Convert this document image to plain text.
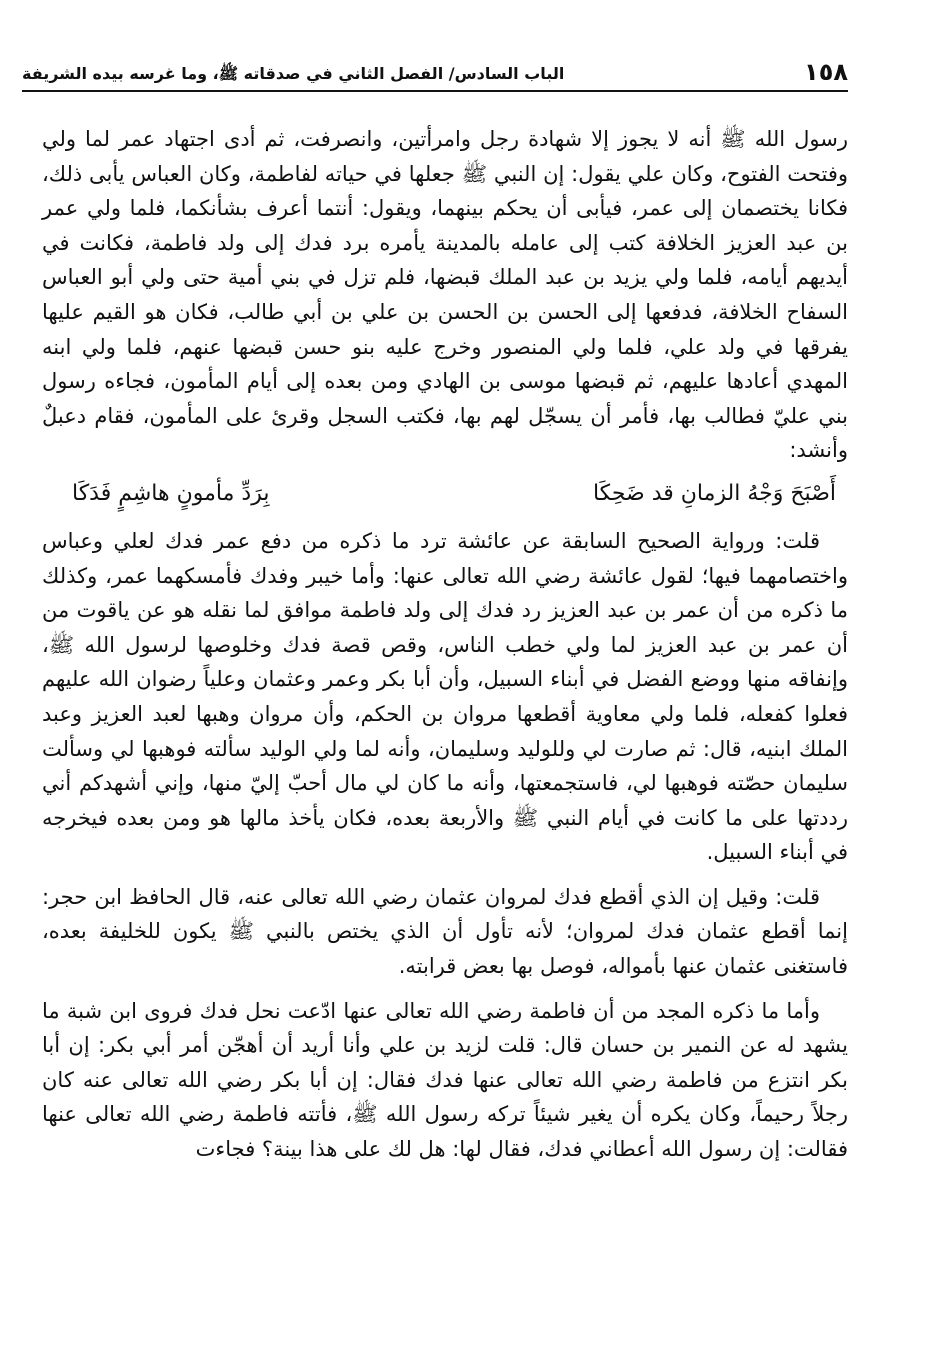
١٥٨
الباب السادس/ الفصل الثاني في صدقاته ﷺ، وما غرسه بيده الشريفة

رسول الله ﷺ أنه لا يجوز إلا شهادة رجل وامرأتين، وانصرفت، ثم أدى اجتهاد عمر لما ولي وفتحت الفتوح، وكان علي يقول: إن النبي ﷺ جعلها في حياته لفاطمة، وكان العباس يأبى ذلك، فكانا يختصمان إلى عمر، فيأبى أن يحكم بينهما، ويقول: أنتما أعرف بشأنكما، فلما ولي عمر بن عبد العزيز الخلافة كتب إلى عامله بالمدينة يأمره برد فدك إلى ولد فاطمة، فكانت في أيديهم أيامه، فلما ولي يزيد بن عبد الملك قبضها، فلم تزل في بني أمية حتى ولي أبو العباس السفاح الخلافة، فدفعها إلى الحسن بن الحسن بن علي بن أبي طالب، فكان هو القيم عليها يفرقها في ولد علي، فلما ولي المنصور وخرج عليه بنو حسن قبضها عنهم، فلما ولي ابنه المهدي أعادها عليهم، ثم قبضها موسى بن الهادي ومن بعده إلى أيام المأمون، فجاءه رسول بني عليّ فطالب بها، فأمر أن يسجّل لهم بها، فكتب السجل وقرئ على المأمون، فقام دعبلٌ وأنشد:

أَصْبَحَ وَجْهُ الزمانِ قد ضَحِكَا
بِرَدِّ مأمونٍ هاشِمٍ فَدَكَا

قلت: ورواية الصحيح السابقة عن عائشة ترد ما ذكره من دفع عمر فدك لعلي وعباس واختصامهما فيها؛ لقول عائشة رضي الله تعالى عنها: وأما خيبر وفدك فأمسكهما عمر، وكذلك ما ذكره من أن عمر بن عبد العزيز رد فدك إلى ولد فاطمة موافق لما نقله هو عن ياقوت من أن عمر بن عبد العزيز لما ولي خطب الناس، وقص قصة فدك وخلوصها لرسول الله ﷺ، وإنفاقه منها ووضع الفضل في أبناء السبيل، وأن أبا بكر وعمر وعثمان وعلياً رضوان الله عليهم فعلوا كفعله، فلما ولي معاوية أقطعها مروان بن الحكم، وأن مروان وهبها لعبد العزيز وعبد الملك ابنيه، قال: ثم صارت لي وللوليد وسليمان، وأنه لما ولي الوليد سألته فوهبها لي وسألت سليمان حصّته فوهبها لي، فاستجمعتها، وأنه ما كان لي مال أحبّ إليّ منها، وإني أشهدكم أني رددتها على ما كانت في أيام النبي ﷺ والأربعة بعده، فكان يأخذ مالها هو ومن بعده فيخرجه في أبناء السبيل.

قلت: وقيل إن الذي أقطع فدك لمروان عثمان رضي الله تعالى عنه، قال الحافظ ابن حجر: إنما أقطع عثمان فدك لمروان؛ لأنه تأول أن الذي يختص بالنبي ﷺ يكون للخليفة بعده، فاستغنى عثمان عنها بأمواله، فوصل بها بعض قرابته.

وأما ما ذكره المجد من أن فاطمة رضي الله تعالى عنها ادّعت نحل فدك فروى ابن شبة ما يشهد له عن النمير بن حسان قال: قلت لزيد بن علي وأنا أريد أن أهجّن أمر أبي بكر: إن أبا بكر انتزع من فاطمة رضي الله تعالى عنها فدك فقال: إن أبا بكر رضي الله تعالى عنه كان رجلاً رحيماً، وكان يكره أن يغير شيئاً تركه رسول الله ﷺ، فأتته فاطمة رضي الله تعالى عنها فقالت: إن رسول الله أعطاني فدك، فقال لها: هل لك على هذا بينة؟ فجاءت
